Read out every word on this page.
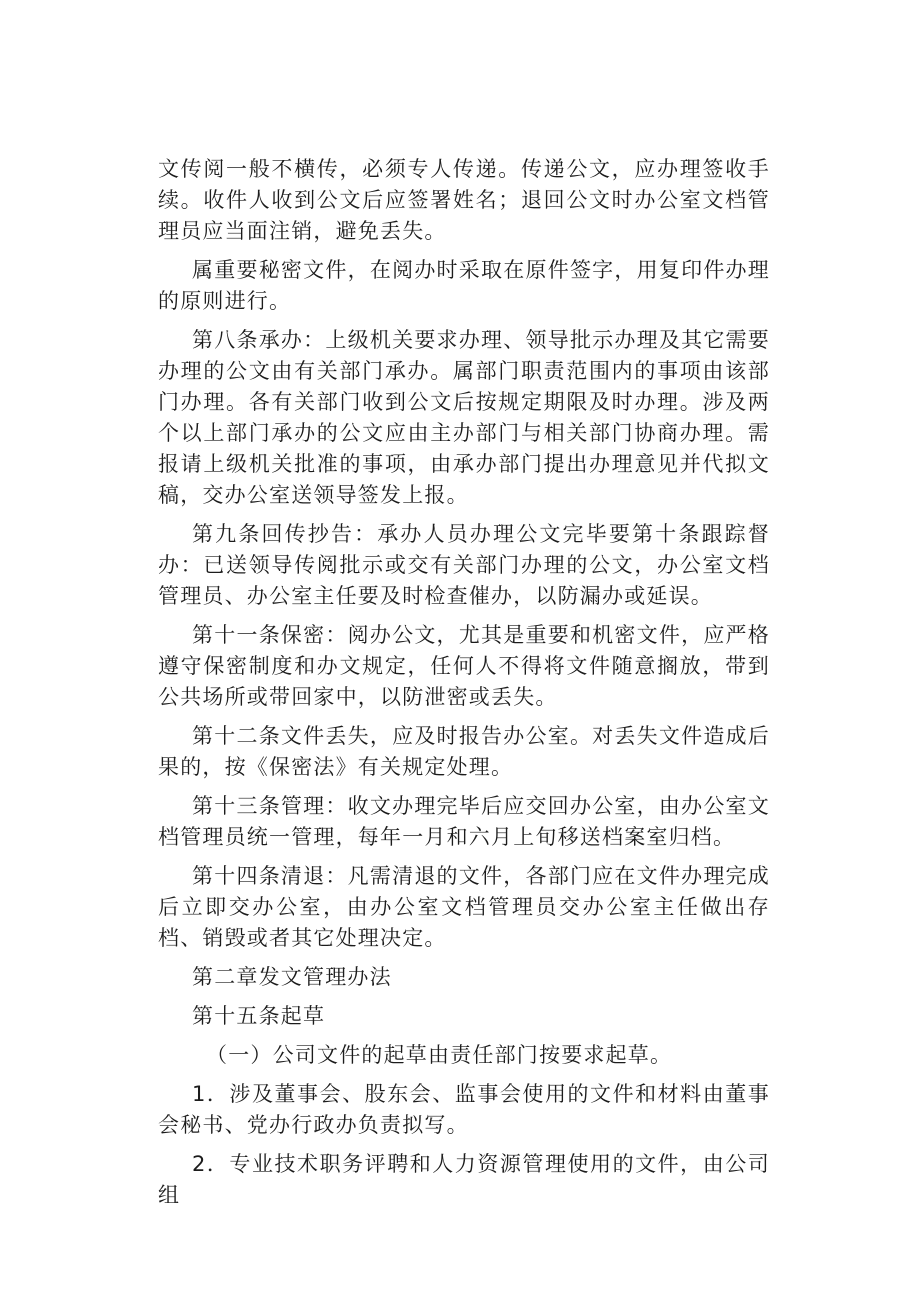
文传阅一般不横传，必须专人传递。传递公文，应办理签收手续。收件人收到公文后应签署姓名；退回公文时办公室文档管理员应当面注销，避免丢失。

属重要秘密文件，在阅办时采取在原件签字，用复印件办理的原则进行。

第八条承办：上级机关要求办理、领导批示办理及其它需要办理的公文由有关部门承办。属部门职责范围内的事项由该部门办理。各有关部门收到公文后按规定期限及时办理。涉及两个以上部门承办的公文应由主办部门与相关部门协商办理。需报请上级机关批准的事项，由承办部门提出办理意见并代拟文稿，交办公室送领导签发上报。

第九条回传抄告：承办人员办理公文完毕要第十条跟踪督办：已送领导传阅批示或交有关部门办理的公文，办公室文档管理员、办公室主任要及时检查催办，以防漏办或延误。

第十一条保密：阅办公文，尤其是重要和机密文件，应严格遵守保密制度和办文规定，任何人不得将文件随意搁放，带到公共场所或带回家中，以防泄密或丢失。

第十二条文件丢失，应及时报告办公室。对丢失文件造成后果的，按《保密法》有关规定处理。

第十三条管理：收文办理完毕后应交回办公室，由办公室文档管理员统一管理，每年一月和六月上旬移送档案室归档。

第十四条清退：凡需清退的文件，各部门应在文件办理完成后立即交办公室，由办公室文档管理员交办公室主任做出存档、销毁或者其它处理决定。

第二章发文管理办法

第十五条起草

（一）公司文件的起草由责任部门按要求起草。

1．涉及董事会、股东会、监事会使用的文件和材料由董事会秘书、党办行政办负责拟写。

2．专业技术职务评聘和人力资源管理使用的文件，由公司组
